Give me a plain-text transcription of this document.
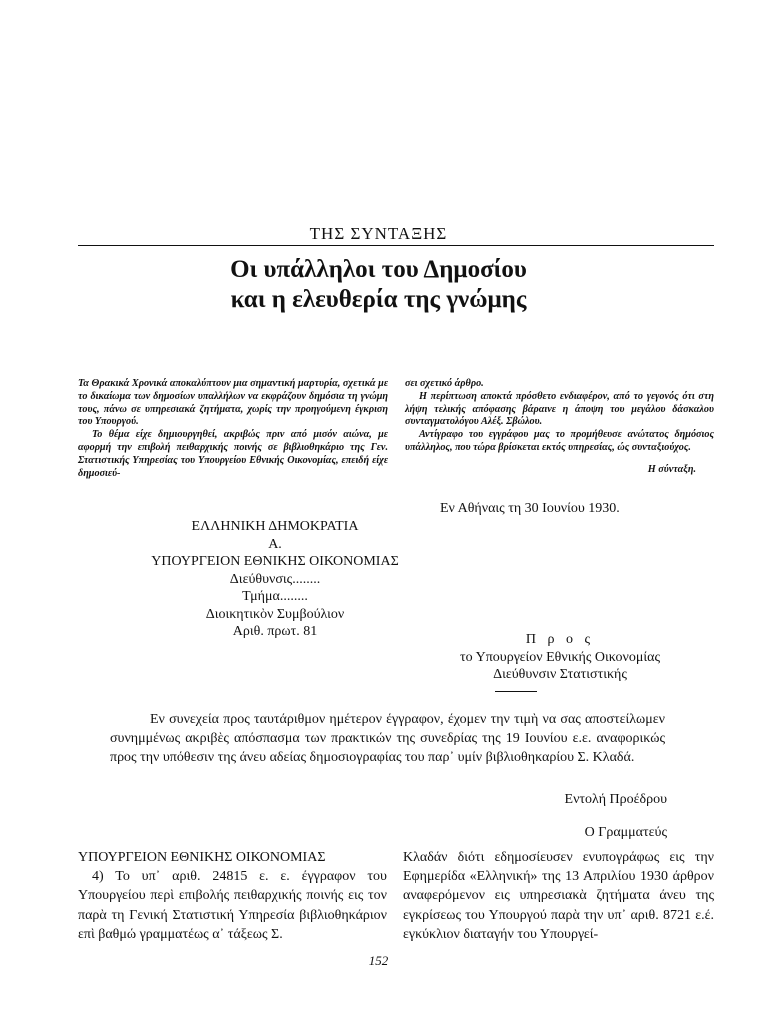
ΤΗΣ ΣΥΝΤΑΞΗΣ
Οι υπάλληλοι του Δημοσίου
και η ελευθερία της γνώμης

Τα Θρακικά Χρονικά αποκαλύπτουν μια σημαντική μαρτυρία, σχετικά με το δικαίωμα των δημοσίων υπαλλήλων να εκφράζουν δημόσια τη γνώμη τους, πάνω σε υπηρεσιακά ζητήματα, χωρίς την προηγούμενη έγκριση του Υπουργού.

Το θέμα είχε δημιουργηθεί, ακριβώς πριν από μισόν αιώνα, με αφορμή την επιβολή πειθαρχικής ποινής σε βιβλιοθηκάριο της Γεν. Στατιστικής Υπηρεσίας του Υπουργείου Εθνικής Οικονομίας, επειδή είχε δημοσιεύ-

σει σχετικό άρθρο.

Η περίπτωση αποκτά πρόσθετο ενδιαφέρον, από το γεγονός ότι στη λήψη τελικής απόφασης βάραινε η άποψη του μεγάλου δάσκαλου συνταγματολόγου Αλέξ. Σβώλου.

Αντίγραφο του εγγράφου μας το προμήθευσε ανώτατος δημόσιος υπάλληλος, που τώρα βρίσκεται εκτός υπηρεσίας, ώς συνταξιούχος.

Η σύνταξη.

Εν Αθήναις τη 30 Ιουνίου 1930.
ΕΛΛΗΝΙΚΗ ΔΗΜΟΚΡΑΤΙΑ
Α.
ΥΠΟΥΡΓΕΙΟΝ ΕΘΝΙΚΗΣ ΟΙΚΟΝΟΜΙΑΣ
Διεύθυνσις........
Τμήμα........
Διοικητικὸν Συμβούλιον
Αριθ. πρωτ. 81
Π ρ ο ς
το Υπουργείον Εθνικής Οικονομίας
Διεύθυνσιν Στατιστικής

Εν συνεχεία προς ταυτάριθμον ημέτερον έγγραφον, έχομεν την τιμὴ να σας αποστείλωμεν συνημμένως ακριβὲς απόσπασμα των πρακτικών της συνεδρίας της 19 Ιουνίου ε.ε. αναφορικώς προς την υπόθεσιν της άνευ αδείας δημοσιογραφίας του παρ᾽ υμίν βιβλιοθηκαρίου Σ. Κλαδά.

Εντολή Προέδρου
Ο Γραμματεύς

ΥΠΟΥΡΓΕΙΟΝ ΕΘΝΙΚΗΣ ΟΙΚΟΝΟΜΙΑΣ

4) Το υπ᾽ αριθ. 24815 ε. ε. έγγραφον του Υπουργείου περὶ επιβολής πειθαρχικής ποινής εις τον παρὰ τη Γενική Στατιστική Υπηρεσία βιβλιοθηκάριον επὶ βαθμώ γραμματέως α᾽ τάξεως Σ.

Κλαδάν διότι εδημοσίευσεν ενυπογράφως εις την Εφημερίδα «Ελληνική» της 13 Απριλίου 1930 άρθρον αναφερόμενον εις υπηρεσιακὰ ζητήματα άνευ της εγκρίσεως του Υπουργού παρὰ την υπ᾽ αριθ. 8721 ε.έ. εγκύκλιον διαταγήν του Υπουργεί-

152
